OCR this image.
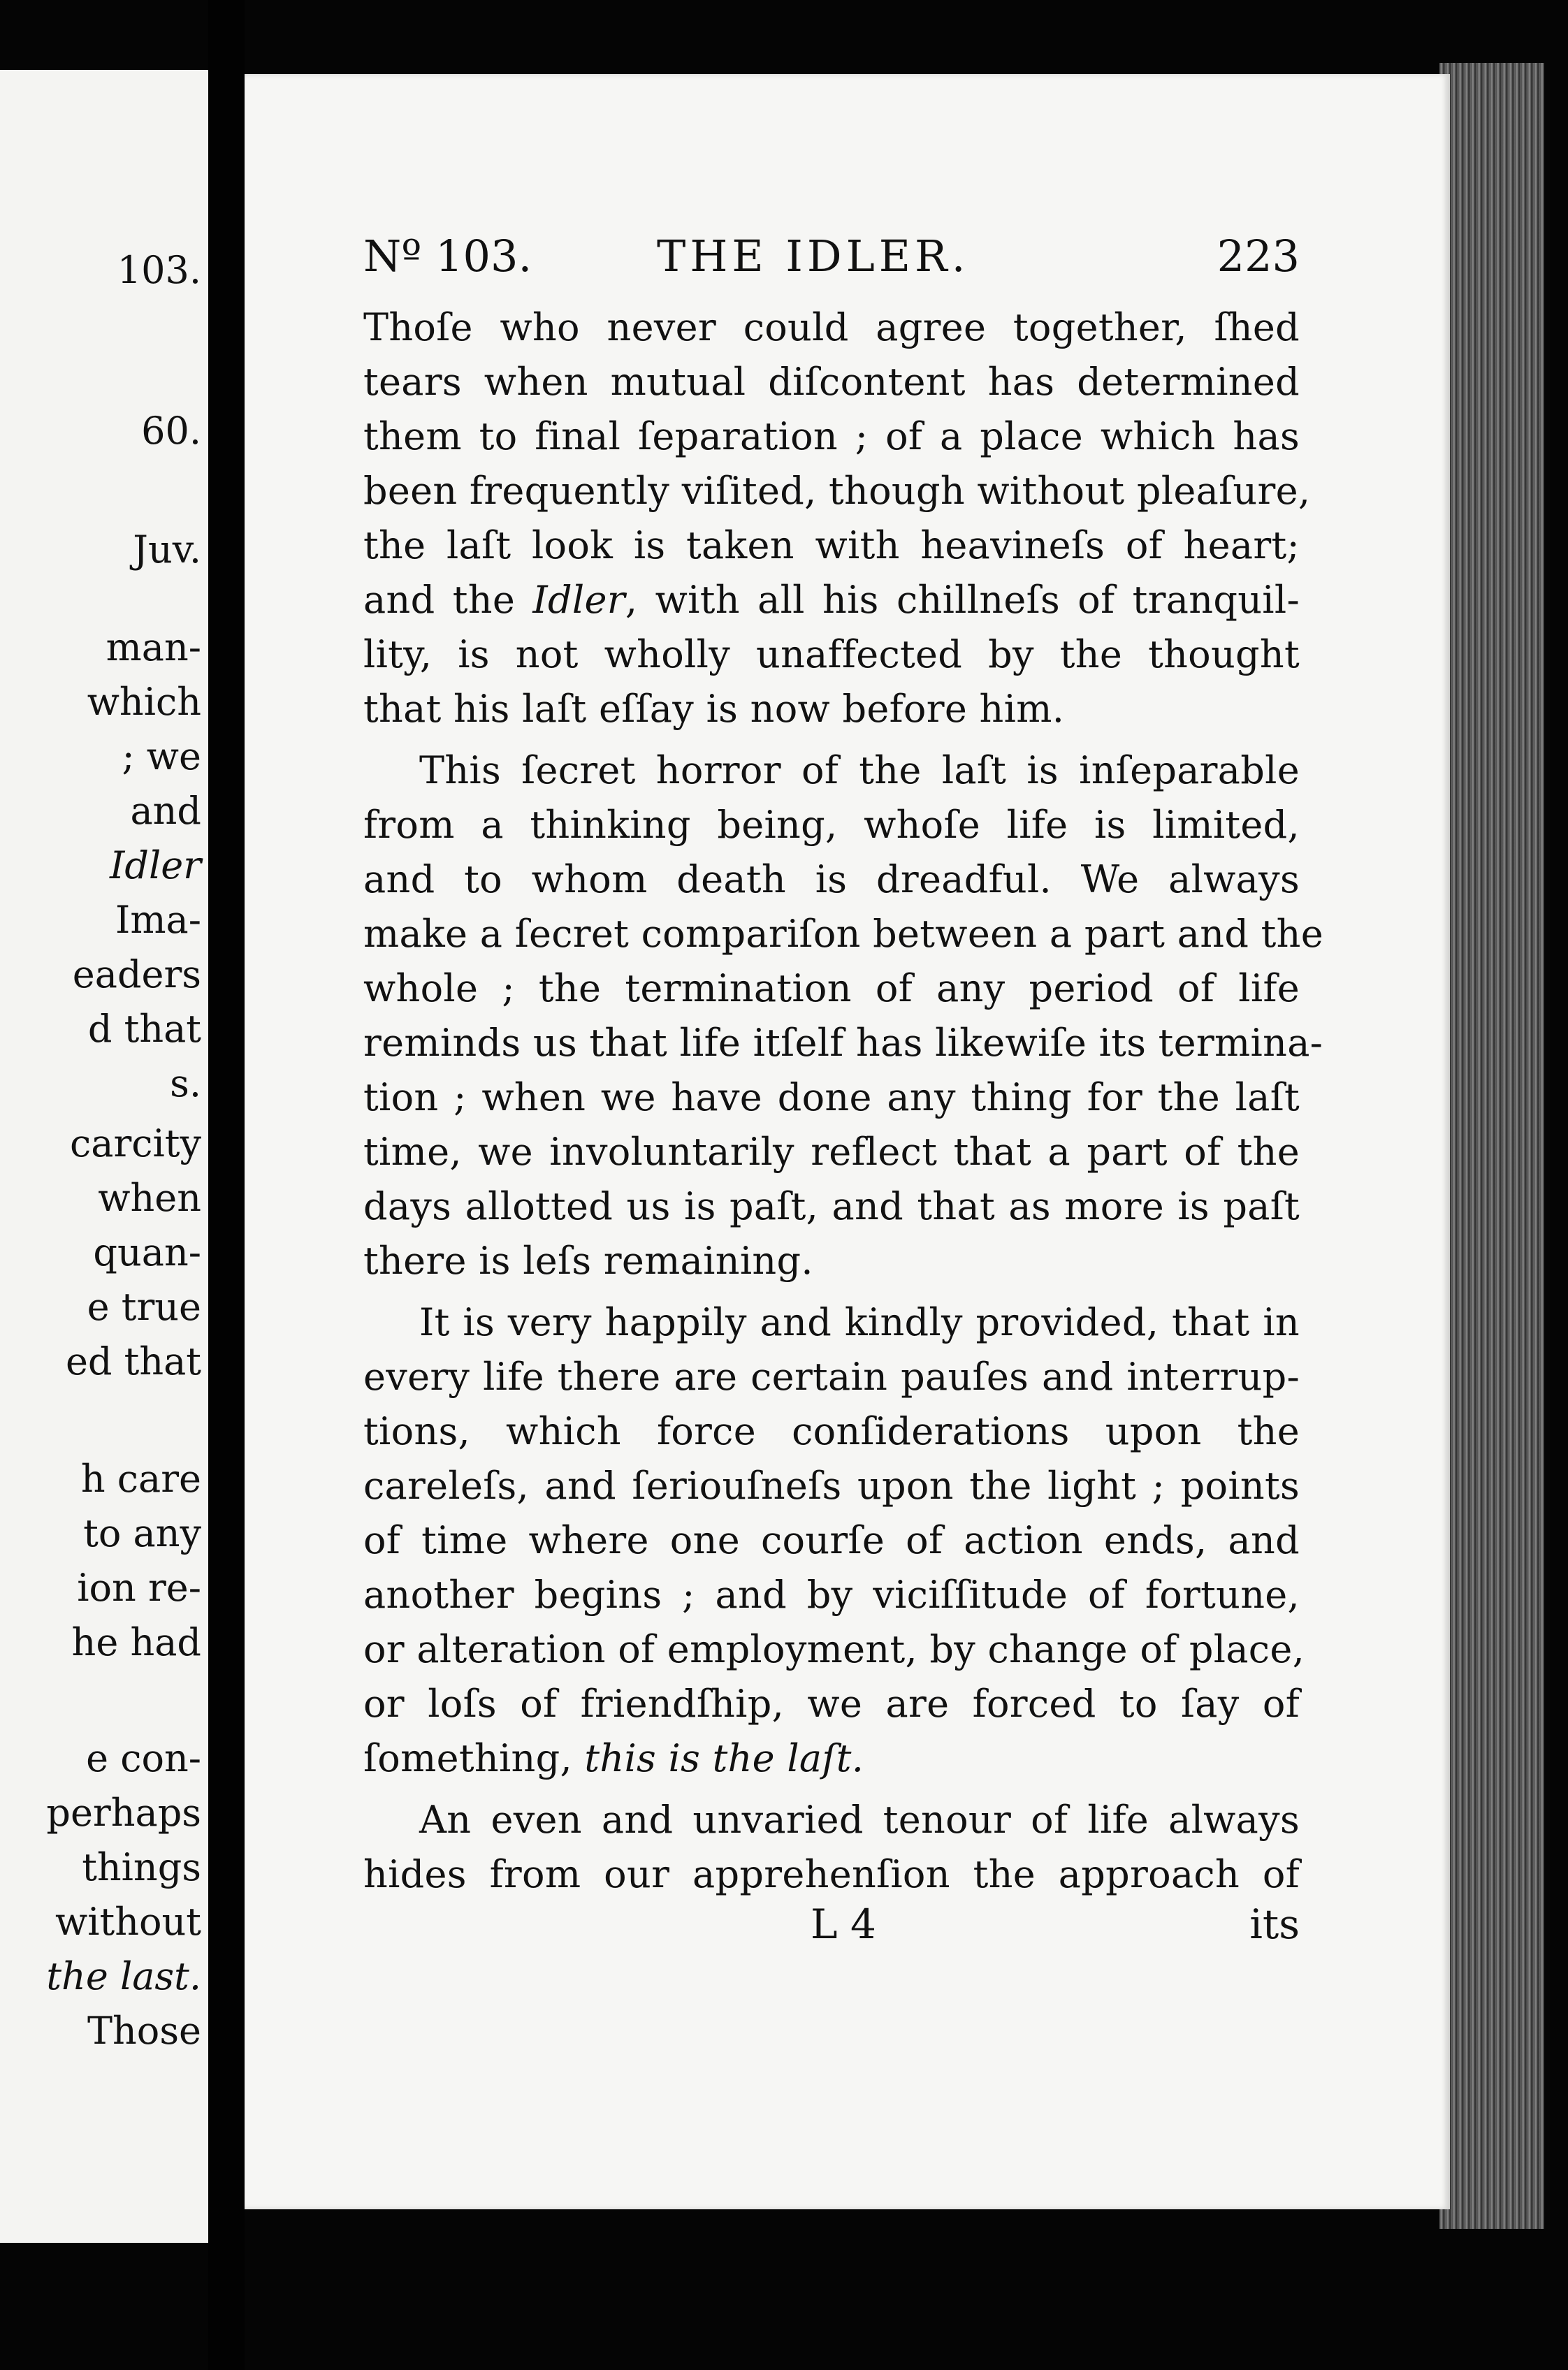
103.
60.
Juv.
man-
which
; we
and
Idler
Ima-
eaders
d that
s.
carcity
when
quan-
e true
ed that
h care
to any
ion re-
he had
e con-
perhaps
things
without
the last.
Those
Nº 103.	THE IDLER.	223
Thoſe who never could agree together, ſhed
tears when mutual diſcontent has determined
them to final ſeparation ; of a place which has
been frequently viſited, though without pleaſure,
the laſt look is taken with heavineſs of heart;
and the Idler, with all his chillneſs of tranquil-
lity, is not wholly unaffected by the thought
that his laſt eſſay is now before him.
This ſecret horror of the laſt is inſeparable
from a thinking being, whoſe life is limited,
and to whom death is dreadful. We always
make a ſecret compariſon between a part and the
whole ; the termination of any period of life
reminds us that life itſelf has likewiſe its termina-
tion ; when we have done any thing for the laſt
time, we involuntarily reflect that a part of the
days allotted us is paſt, and that as more is paſt
there is leſs remaining.
It is very happily and kindly provided, that in
every life there are certain pauſes and interrup-
tions, which force conſiderations upon the
careleſs, and ſeriouſneſs upon the light ; points
of time where one courſe of action ends, and
another begins ; and by viciſſitude of fortune,
or alteration of employment, by change of place,
or loſs of friendſhip, we are forced to ſay of
ſomething, this is the laſt.
An even and unvaried tenour of life always
hides from our apprehenſion the approach of
L 4	its
